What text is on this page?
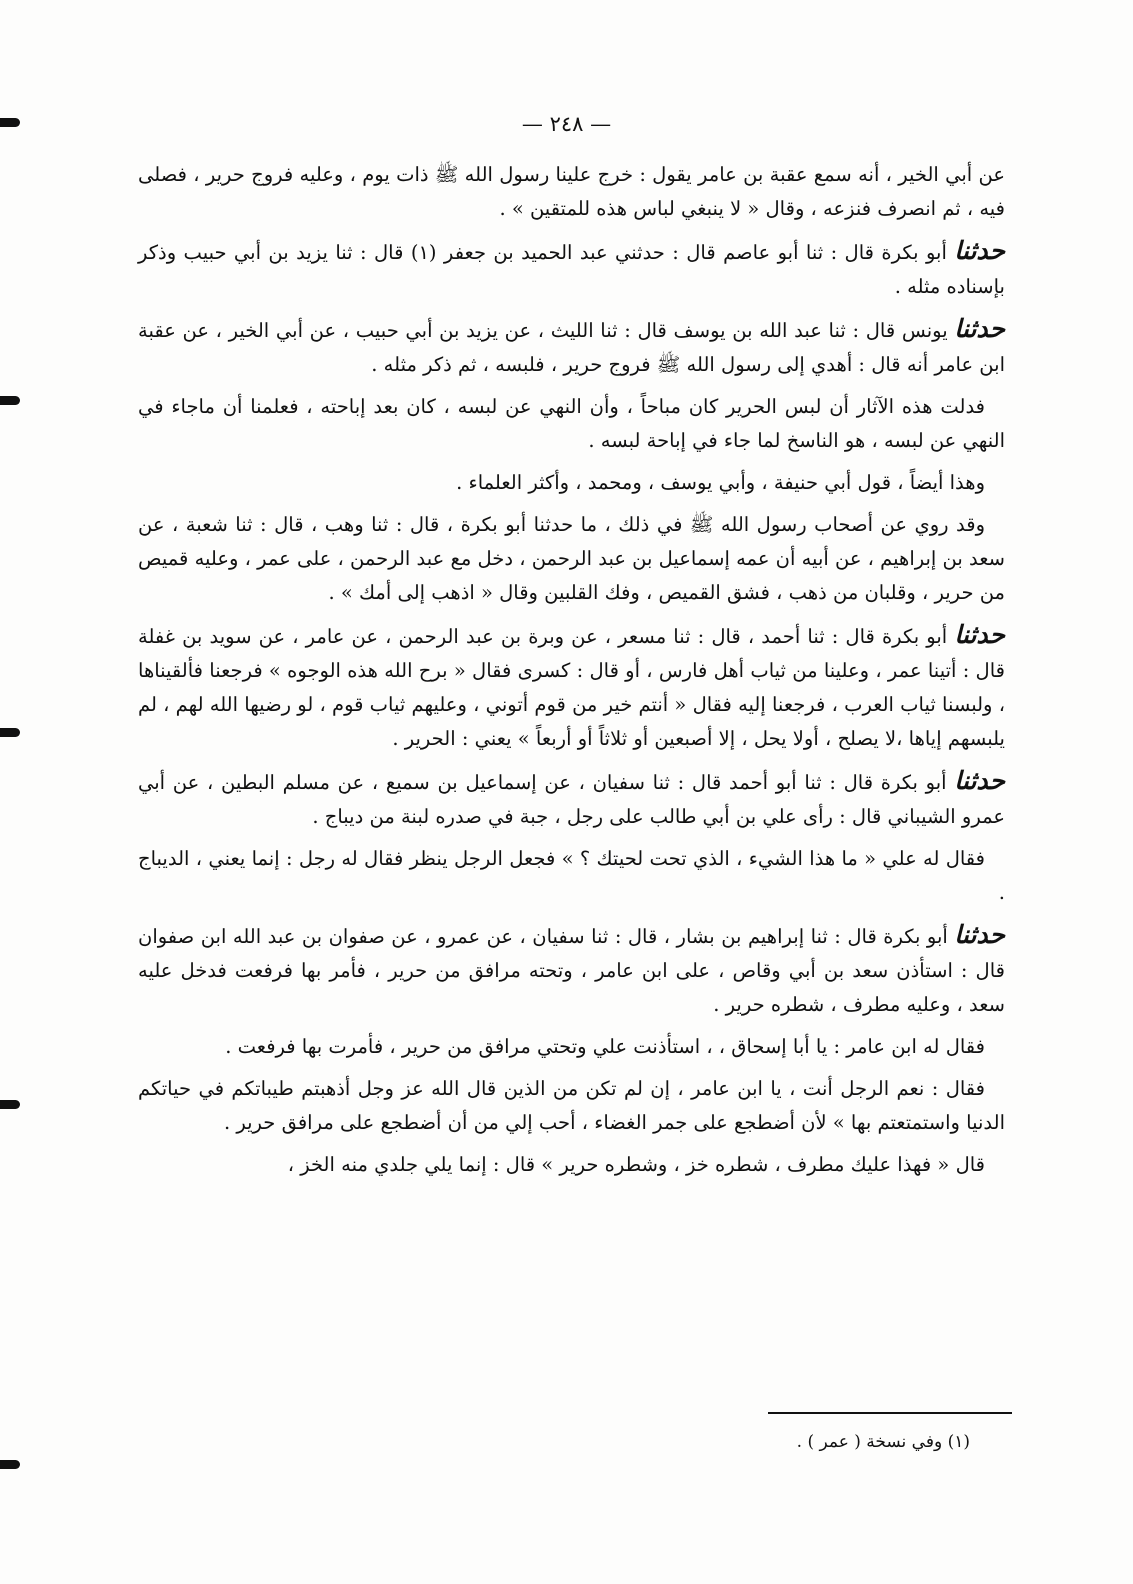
— ٢٤٨ —

عن أبي الخير ، أنه سمع عقبة بن عامر يقول : خرج علينا رسول الله ﷺ ذات يوم ، وعليه فروج حرير ، فصلى فيه ، ثم انصرف فنزعه ، وقال « لا ينبغي لباس هذه للمتقين » .

حدثنا أبو بكرة قال : ثنا أبو عاصم قال : حدثني عبد الحميد بن جعفر (١) قال : ثنا يزيد بن أبي حبيب وذكر بإسناده مثله .

حدثنا يونس قال : ثنا عبد الله بن يوسف قال : ثنا الليث ، عن يزيد بن أبي حبيب ، عن أبي الخير ، عن عقبة ابن عامر أنه قال : أهدي إلى رسول الله ﷺ فروج حرير ، فلبسه ، ثم ذكر مثله .

فدلت هذه الآثار أن لبس الحرير كان مباحاً ، وأن النهي عن لبسه ، كان بعد إباحته ، فعلمنا أن ماجاء في النهي عن لبسه ، هو الناسخ لما جاء في إباحة لبسه .

وهذا أيضاً ، قول أبي حنيفة ، وأبي يوسف ، ومحمد ، وأكثر العلماء .

وقد روي عن أصحاب رسول الله ﷺ في ذلك ، ما حدثنا أبو بكرة ، قال : ثنا وهب ، قال : ثنا شعبة ، عن سعد بن إبراهيم ، عن أبيه أن عمه إسماعيل بن عبد الرحمن ، دخل مع عبد الرحمن ، على عمر ، وعليه قميص من حرير ، وقلبان من ذهب ، فشق القميص ، وفك القلبين وقال « اذهب إلى أمك » .

حدثنا أبو بكرة قال : ثنا أحمد ، قال : ثنا مسعر ، عن وبرة بن عبد الرحمن ، عن عامر ، عن سويد بن غفلة قال : أتينا عمر ، وعلينا من ثياب أهل فارس ، أو قال : كسرى فقال « برح الله هذه الوجوه » فرجعنا فألقيناها ، ولبسنا ثياب العرب ، فرجعنا إليه فقال « أنتم خير من قوم أتوني ، وعليهم ثياب قوم ، لو رضيها الله لهم ، لم يلبسهم إياها ،لا يصلح ، أولا يحل ، إلا أصبعين أو ثلاثاً أو أربعاً » يعني : الحرير .

حدثنا أبو بكرة قال : ثنا أبو أحمد قال : ثنا سفيان ، عن إسماعيل بن سميع ، عن مسلم البطين ، عن أبي عمرو الشيباني قال : رأى علي بن أبي طالب على رجل ، جبة في صدره لبنة من ديباج .

فقال له علي « ما هذا الشيء ، الذي تحت لحيتك ؟ » فجعل الرجل ينظر فقال له رجل : إنما يعني ، الديباج .

حدثنا أبو بكرة قال : ثنا إبراهيم بن بشار ، قال : ثنا سفيان ، عن عمرو ، عن صفوان بن عبد الله ابن صفوان قال : استأذن سعد بن أبي وقاص ، على ابن عامر ، وتحته مرافق من حرير ، فأمر بها فرفعت فدخل عليه سعد ، وعليه مطرف ، شطره حرير .

فقال له ابن عامر : يا أبا إسحاق ، ، استأذنت علي وتحتي مرافق من حرير ، فأمرت بها فرفعت .

فقال : نعم الرجل أنت ، يا ابن عامر ، إن لم تكن من الذين قال الله عز وجل أذهبتم طيباتكم في حياتكم الدنيا واستمتعتم بها » لأن أضطجع على جمر الغضاء ، أحب إلي من أن أضطجع على مرافق حرير .

قال « فهذا عليك مطرف ، شطره خز ، وشطره حرير » قال : إنما يلي جلدي منه الخز ،

(١) وفي نسخة ( عمر ) .
